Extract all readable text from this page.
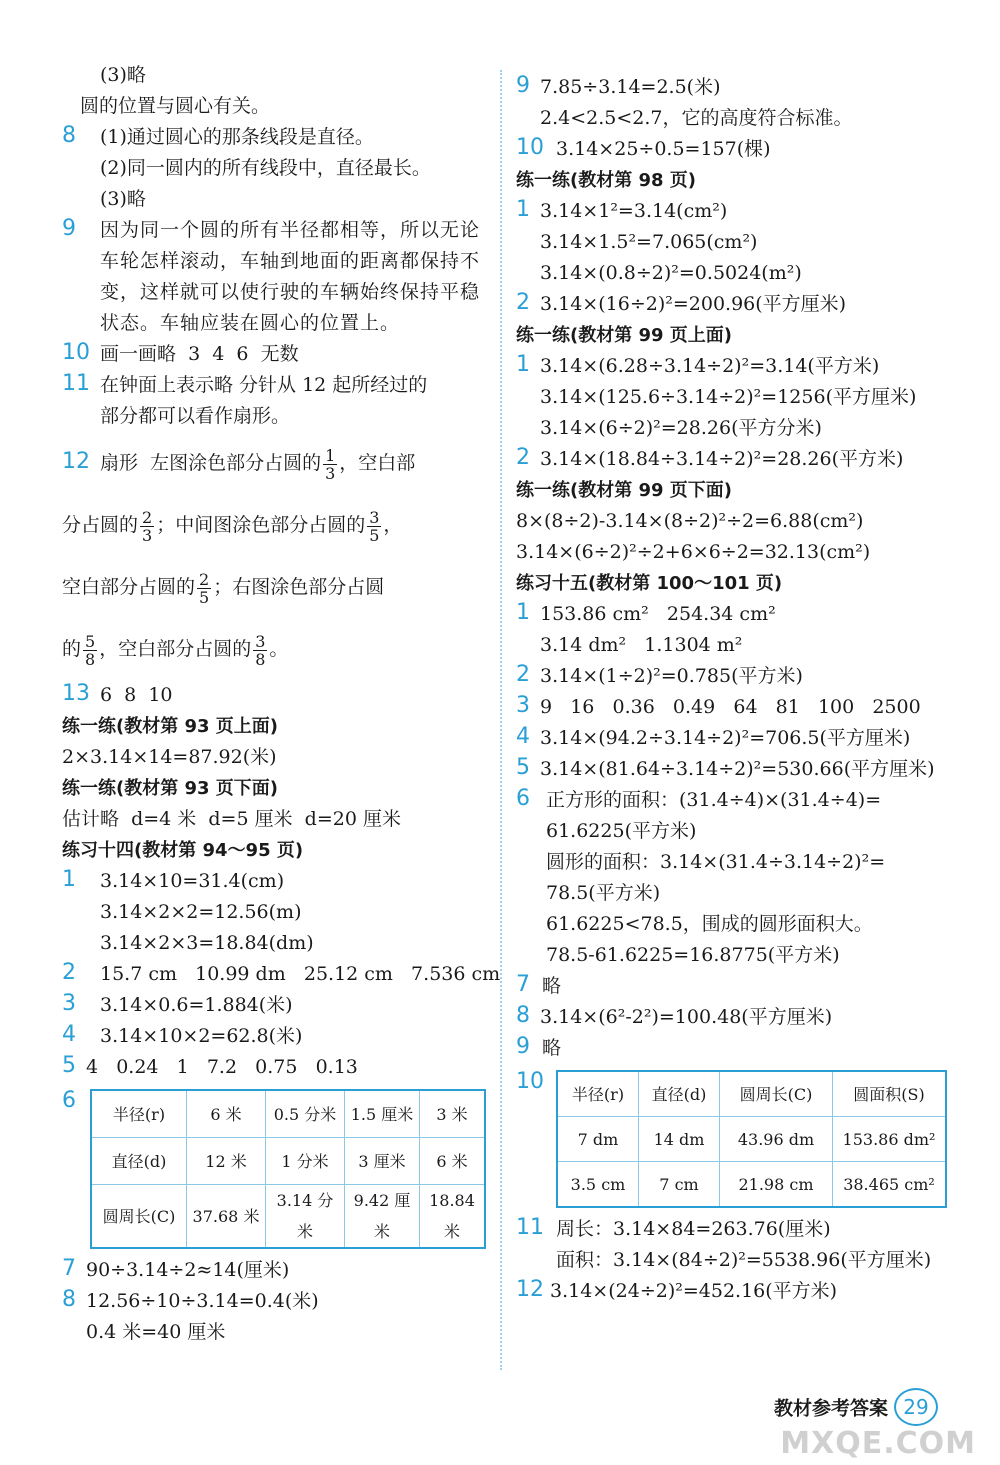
(3)略
圆的位置与圆心有关。
8 (1)通过圆心的那条线段是直径。
(2)同一圆内的所有线段中，直径最长。
(3)略
9 因为同一个圆的所有半径都相等，所以无论车轮怎样滚动，车轴到地面的距离都保持不变，这样就可以使行驶的车辆始终保持平稳状态。车轴应装在圆心的位置上。
10 画一画略  3  4  6  无数
11 在钟面上表示略 分针从 12 起所经过的
部分都可以看作扇形。
12 扇形  左图涂色部分占圆的 $\frac{1}{3}$ ，空白部
分占圆的 $\frac{2}{3}$ ；中间图涂色部分占圆的 $\frac{3}{5}$ ，
空白部分占圆的 $\frac{2}{5}$ ；右图涂色部分占圆
的 $\frac{5}{8}$ ，空白部分占圆的 $\frac{3}{8}$ 。
13 6  8  10
练一练(教材第 93 页上面)
2×3.14×14=87.92(米)
练一练(教材第 93 页下面)
估计略  d=4 米  d=5 厘米  d=20 厘米
练习十四(教材第 94～95 页)
1 3.14×10=31.4(cm)
3.14×2×2=12.56(m)
3.14×2×3=18.84(dm)
2 15.7 cm   10.99 dm   25.12 cm   7.536 cm
3 3.14×0.6=1.884(米)
4 3.14×10×2=62.8(米)
5 4   0.24   1   7.2   0.75   0.13
6
半径(r)	6 米	0.5 分米	1.5 厘米	3 米
直径(d)	12 米	1 分米	3 厘米	6 米
圆周长(C)	37.68 米	3.14 分米	9.42 厘米	18.84 米
7 90÷3.14÷2≈14(厘米)
8 12.56÷10÷3.14=0.4(米)
0.4 米=40 厘米
9 7.85÷3.14=2.5(米)
2.4<2.5<2.7，它的高度符合标准。
10 3.14×25÷0.5=157(棵)
练一练(教材第 98 页)
1 3.14×1²=3.14(cm²)
3.14×1.5²=7.065(cm²)
3.14×(0.8÷2)²=0.5024(m²)
2 3.14×(16÷2)²=200.96(平方厘米)
练一练(教材第 99 页上面)
1 3.14×(6.28÷3.14÷2)²=3.14(平方米)
3.14×(125.6÷3.14÷2)²=1256(平方厘米)
3.14×(6÷2)²=28.26(平方分米)
2 3.14×(18.84÷3.14÷2)²=28.26(平方米)
练一练(教材第 99 页下面)
8×(8÷2)-3.14×(8÷2)²÷2=6.88(cm²)
3.14×(6÷2)²÷2+6×6÷2=32.13(cm²)
练习十五(教材第 100～101 页)
1 153.86 cm²   254.34 cm²
3.14 dm²   1.1304 m²
2 3.14×(1÷2)²=0.785(平方米)
3 9   16   0.36   0.49   64   81   100   2500
4 3.14×(94.2÷3.14÷2)²=706.5(平方厘米)
5 3.14×(81.64÷3.14÷2)²=530.66(平方厘米)
6 正方形的面积：(31.4÷4)×(31.4÷4)=
61.6225(平方米)
圆形的面积：3.14×(31.4÷3.14÷2)²=
78.5(平方米)
61.6225<78.5，围成的圆形面积大。
78.5-61.6225=16.8775(平方米)
7 略
8 3.14×(6²-2²)=100.48(平方厘米)
9 略
10 半径(r)	直径(d)	圆周长(C)	圆面积(S)
7 dm	14 dm	43.96 dm	153.86 dm²
3.5 cm	7 cm	21.98 cm	38.465 cm²
11 周长：3.14×84=263.76(厘米)
面积：3.14×(84÷2)²=5538.96(平方厘米)
12 3.14×(24÷2)²=452.16(平方米)
教材参考答案 29
MXQE.COM
